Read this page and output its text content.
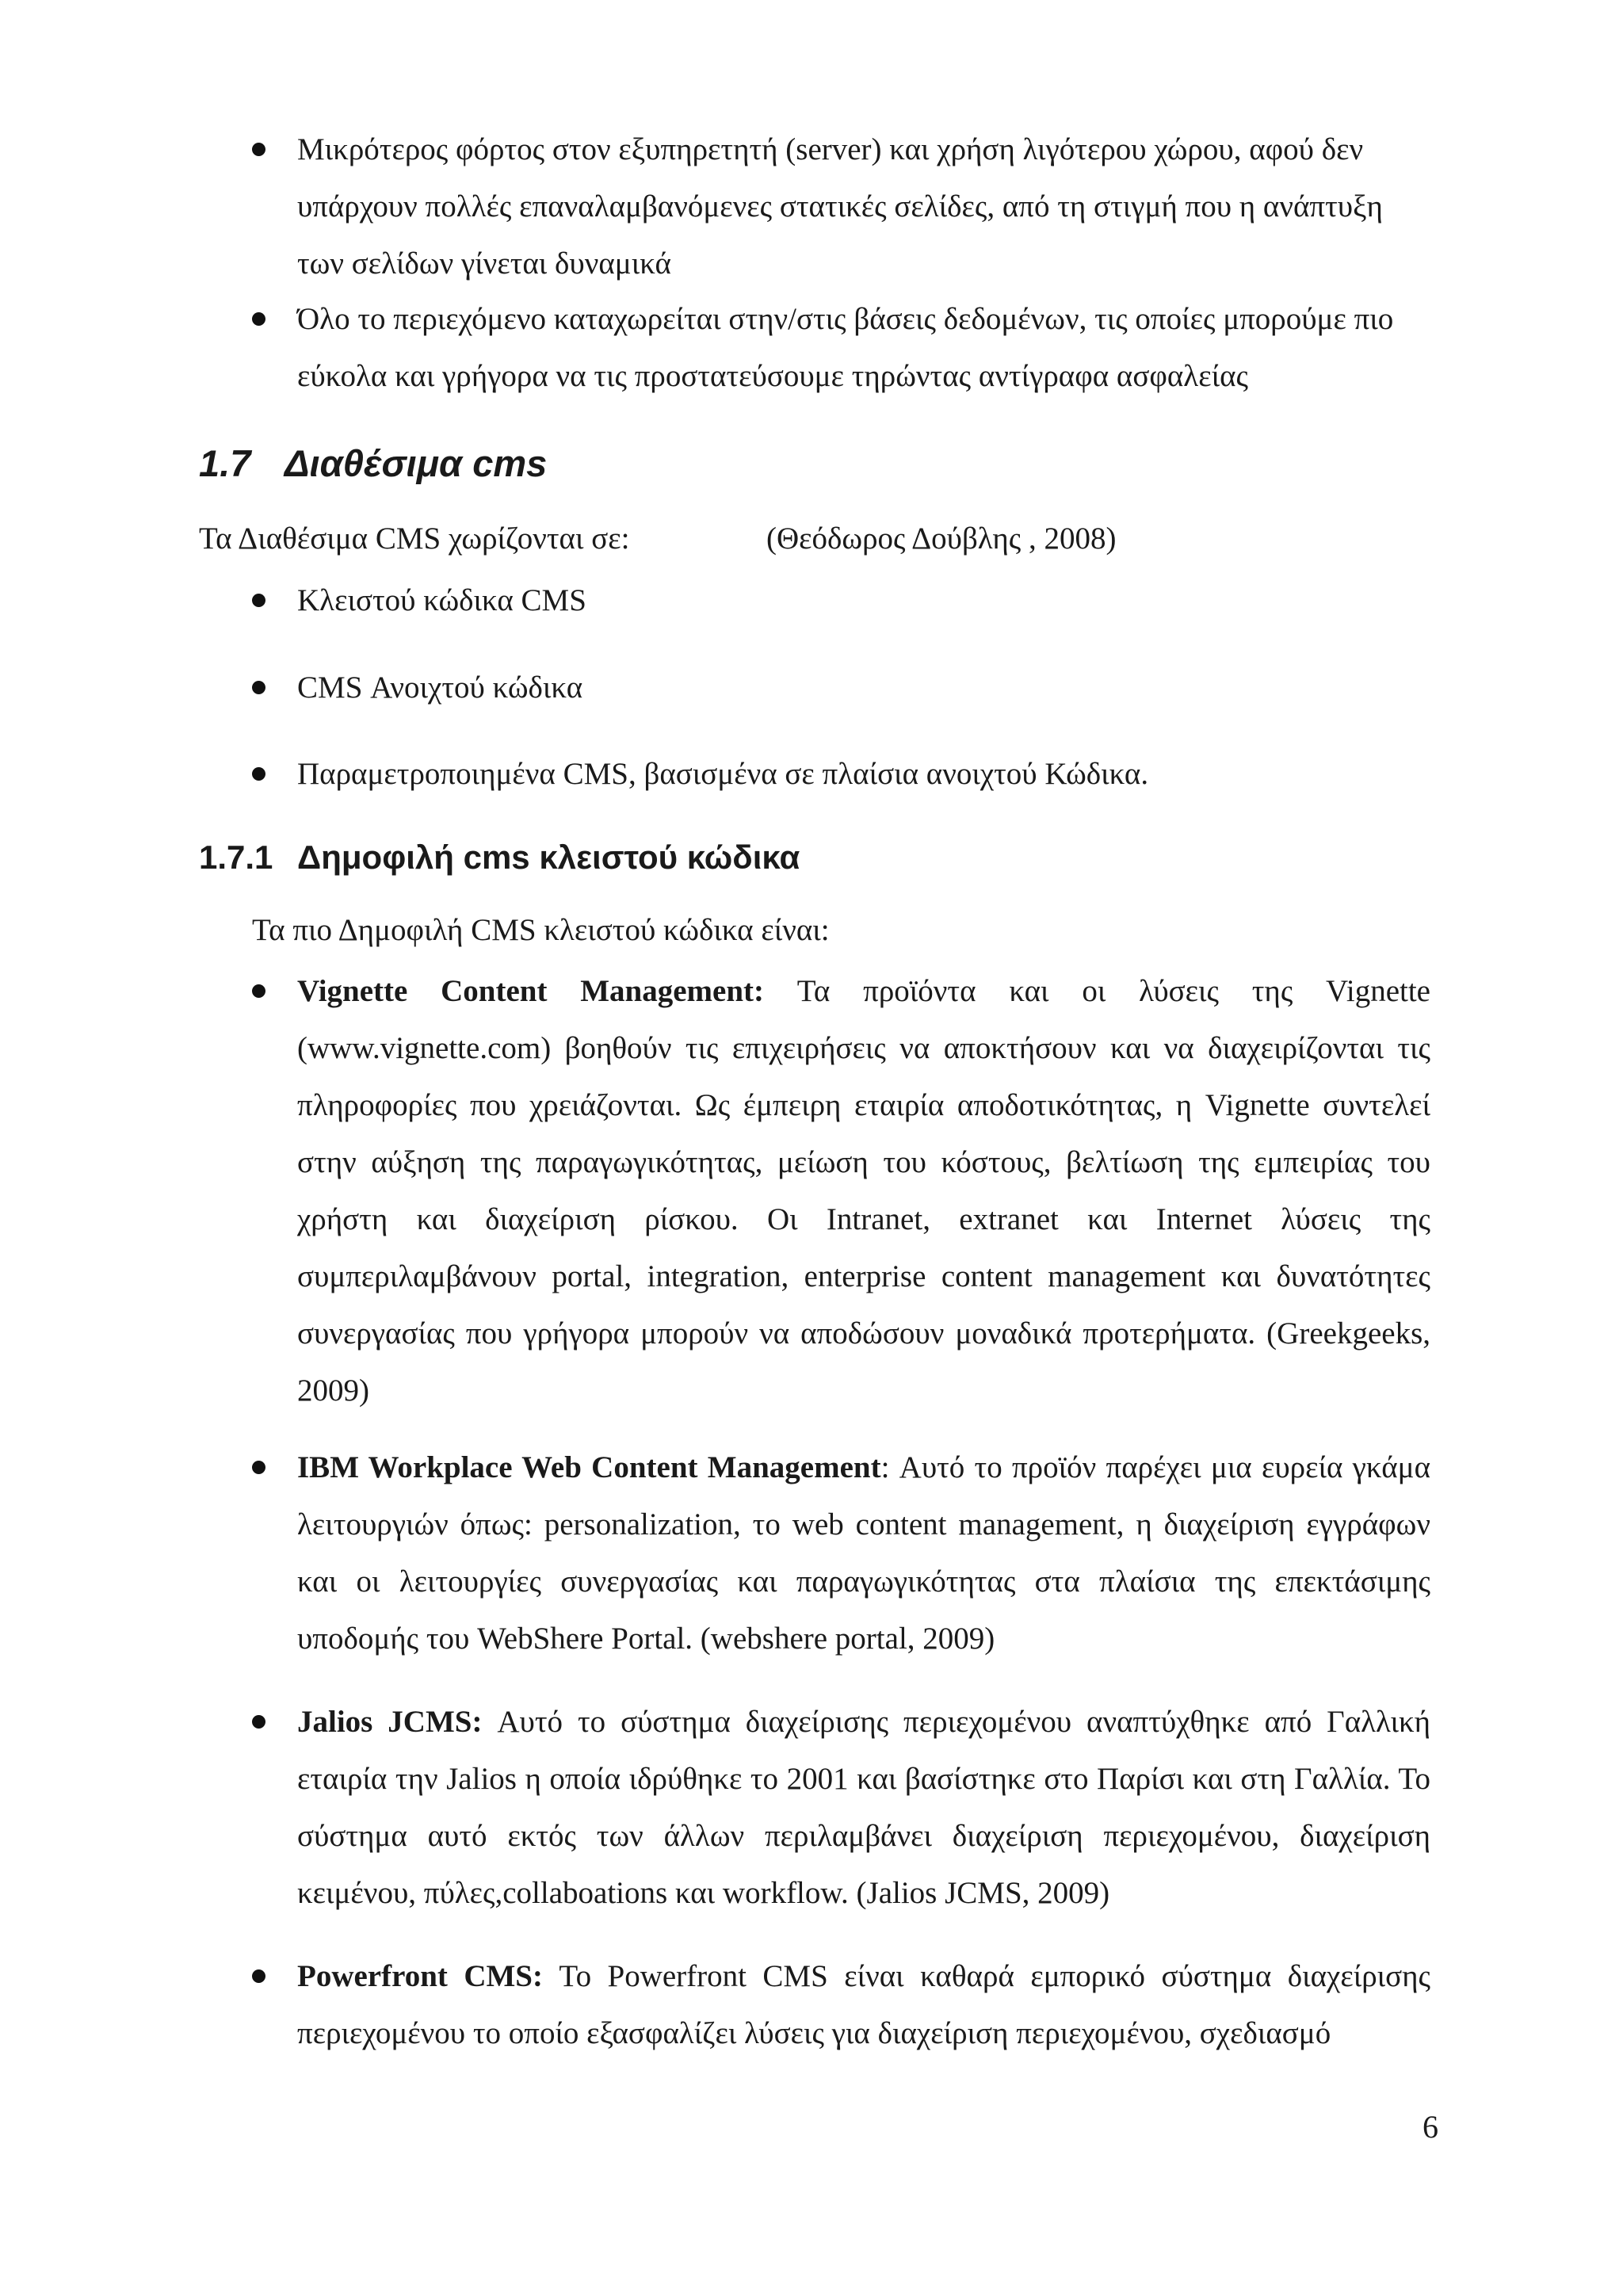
Μικρότερος φόρτος στον εξυπηρετητή (server) και χρήση λιγότερου χώρου, αφού δεν υπάρχουν πολλές επαναλαμβανόμενες στατικές σελίδες, από τη στιγμή που η ανάπτυξη των σελίδων γίνεται δυναμικά
Όλο το περιεχόμενο καταχωρείται στην/στις βάσεις δεδομένων, τις οποίες μπορούμε πιο εύκολα και γρήγορα να τις προστατεύσουμε τηρώντας αντίγραφα ασφαλείας
1.7 Διαθέσιμα cms
Τα Διαθέσιμα CMS χωρίζονται σε:	(Θεόδωρος Δούβλης , 2008)
Κλειστού κώδικα CMS
CMS Ανοιχτού κώδικα
Παραμετροποιημένα CMS, βασισμένα σε πλαίσια ανοιχτού Κώδικα.
1.7.1 Δημοφιλή cms κλειστού κώδικα
Τα πιο Δημοφιλή CMS κλειστού κώδικα είναι:
Vignette Content Management: Τα προϊόντα και οι λύσεις της Vignette (www.vignette.com) βοηθούν τις επιχειρήσεις να αποκτήσουν και να διαχειρίζονται τις πληροφορίες που χρειάζονται. Ως έμπειρη εταιρία αποδοτικότητας, η Vignette συντελεί στην αύξηση της παραγωγικότητας, μείωση του κόστους, βελτίωση της εμπειρίας του χρήστη και διαχείριση ρίσκου. Οι Intranet, extranet και Internet λύσεις της συμπεριλαμβάνουν portal, integration, enterprise content management και δυνατότητες συνεργασίας που γρήγορα μπορούν να αποδώσουν μοναδικά προτερήματα. (Greekgeeks, 2009)
IBM Workplace Web Content Management: Αυτό το προϊόν παρέχει μια ευρεία γκάμα λειτουργιών όπως: personalization, το web content management, η διαχείριση εγγράφων και οι λειτουργίες συνεργασίας και παραγωγικότητας στα πλαίσια της επεκτάσιμης υποδομής του WebShere Portal. (webshere portal, 2009)
Jalios JCMS: Αυτό το σύστημα διαχείρισης περιεχομένου αναπτύχθηκε από Γαλλική εταιρία την Jalios η οποία ιδρύθηκε το 2001 και βασίστηκε στο Παρίσι και στη Γαλλία. Το σύστημα αυτό εκτός των άλλων περιλαμβάνει διαχείριση περιεχομένου, διαχείριση κειμένου, πύλες,collaboations και workflow. (Jalios JCMS, 2009)
Powerfront CMS: Το Powerfront CMS είναι καθαρά εμπορικό σύστημα διαχείρισης περιεχομένου το οποίο εξασφαλίζει λύσεις για διαχείριση περιεχομένου, σχεδιασμό
6
